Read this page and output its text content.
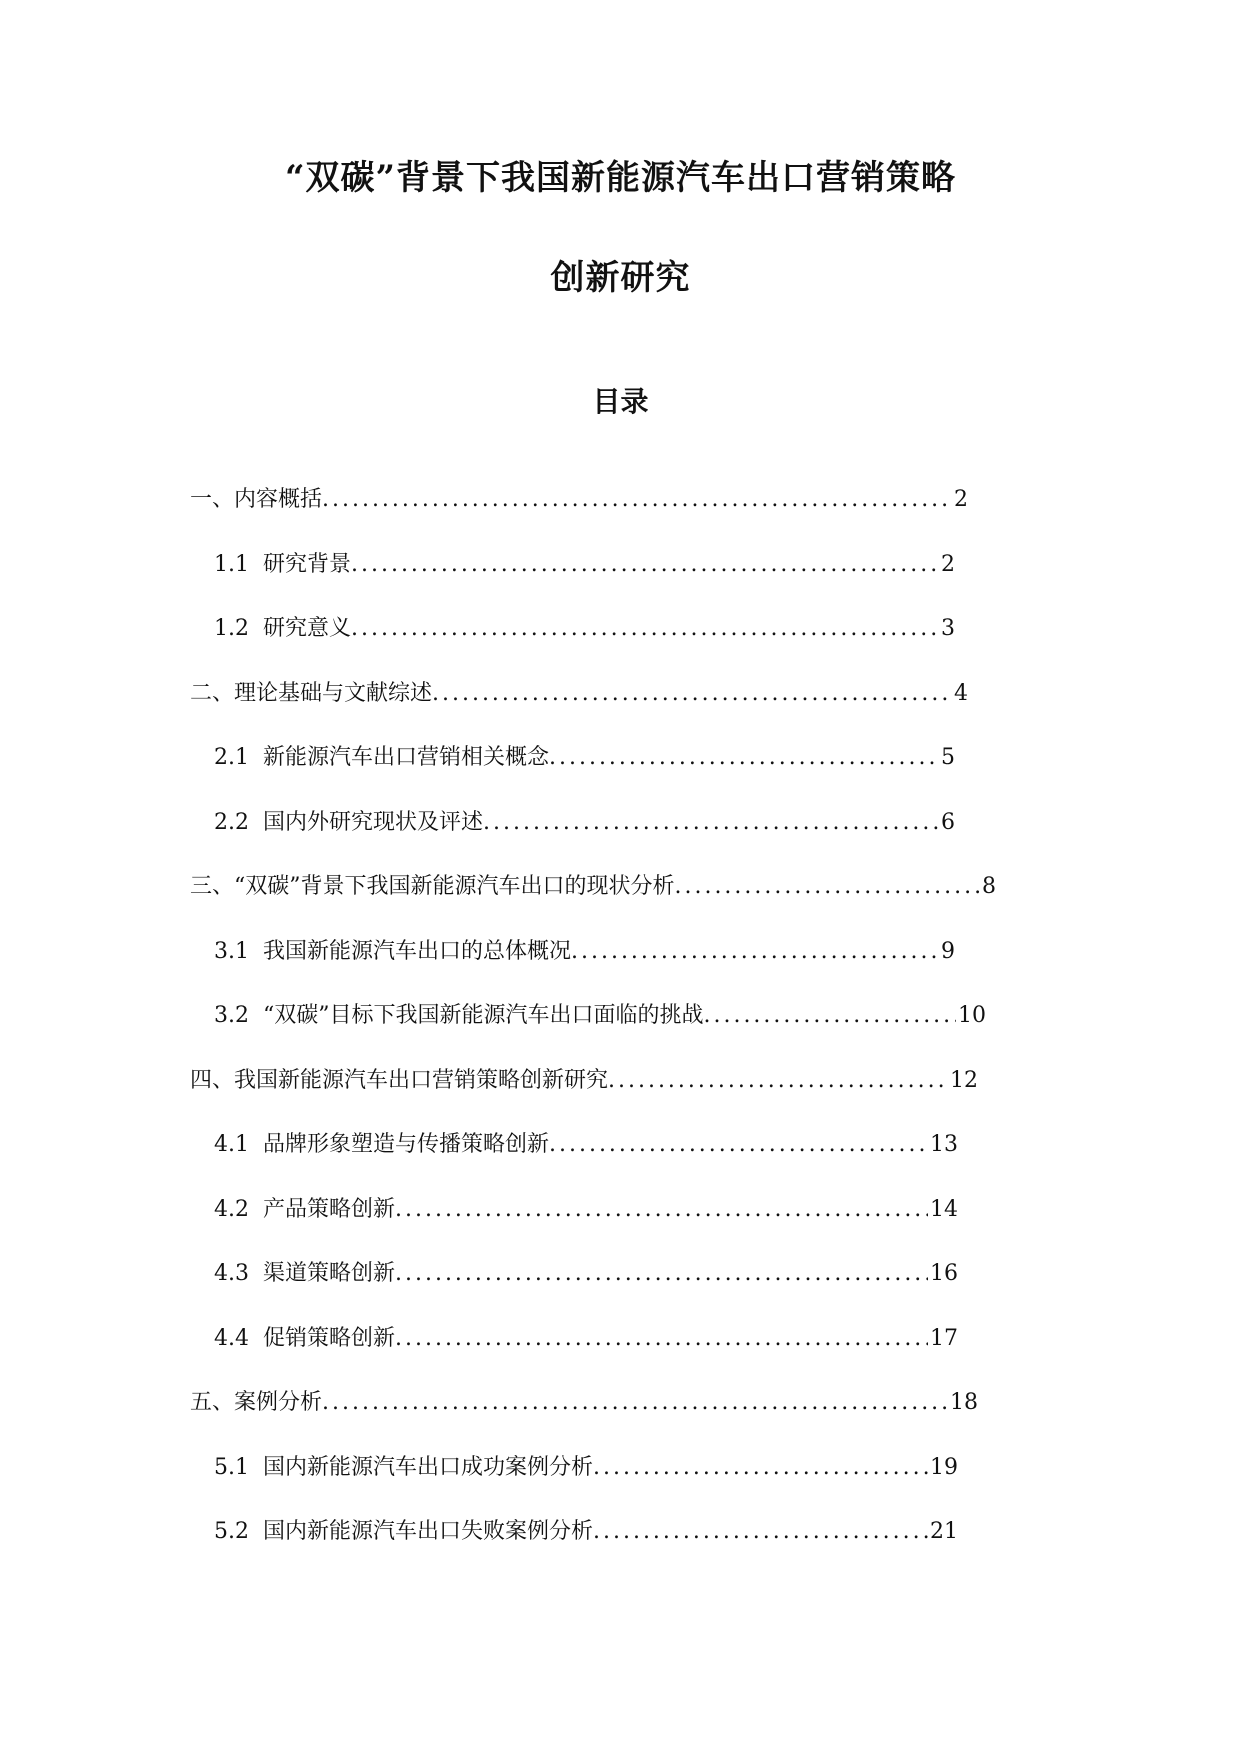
“双碳”背景下我国新能源汽车出口营销策略
创新研究
目录
一、内容概括 . . .	2
1.1 研究背景 . . .	2
1.2 研究意义 . . .	3
二、理论基础与文献综述 . . .	4
2.1 新能源汽车出口营销相关概念 . . .	5
2.2 国内外研究现状及评述 . . .	6
三、“双碳”背景下我国新能源汽车出口的现状分析 . . .	8
3.1 我国新能源汽车出口的总体概况 . . .	9
3.2 “双碳”目标下我国新能源汽车出口面临的挑战 . . .	10
四、我国新能源汽车出口营销策略创新研究 . . .	12
4.1 品牌形象塑造与传播策略创新 . . .	13
4.2 产品策略创新 . . .	14
4.3 渠道策略创新 . . .	16
4.4 促销策略创新 . . .	17
五、案例分析 . . .	18
5.1 国内新能源汽车出口成功案例分析 . . .	19
5.2 国内新能源汽车出口失败案例分析 . . .	21
